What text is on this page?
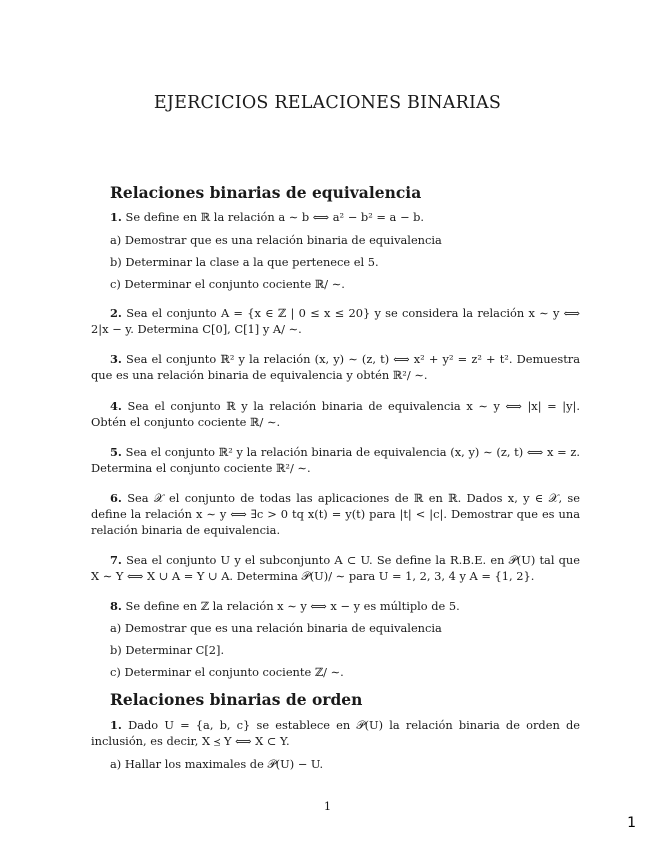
EJERCICIOS RELACIONES BINARIAS
Relaciones binarias de equivalencia
1. Se define en ℝ la relación a ∼ b ⟺ a² − b² = a − b.
a) Demostrar que es una relación binaria de equivalencia
b) Determinar la clase a la que pertenece el 5.
c) Determinar el conjunto cociente ℝ/ ∼.
2. Sea el conjunto A = {x ∈ ℤ | 0 ≤ x ≤ 20} y se considera la relación x ∼ y ⟺ 2|x − y. Determina C[0], C[1] y A/ ∼.
3. Sea el conjunto ℝ² y la relación (x, y) ∼ (z, t) ⟺ x² + y² = z² + t². Demuestra que es una relación binaria de equivalencia y obtén ℝ²/ ∼.
4. Sea el conjunto ℝ y la relación binaria de equivalencia x ∼ y ⟺ |x| = |y|. Obtén el conjunto cociente ℝ/ ∼.
5. Sea el conjunto ℝ² y la relación binaria de equivalencia (x, y) ∼ (z, t) ⟺ x = z. Determina el conjunto cociente ℝ²/ ∼.
6. Sea 𝒳 el conjunto de todas las aplicaciones de ℝ en ℝ. Dados x, y ∈ 𝒳, se define la relación x ∼ y ⟺ ∃c > 0 tq x(t) = y(t) para |t| < |c|. Demostrar que es una relación binaria de equivalencia.
7. Sea el conjunto U y el subconjunto A ⊂ U. Se define la R.B.E. en 𝒫(U) tal que X ∼ Y ⟺ X ∪ A = Y ∪ A. Determina 𝒫(U)/ ∼ para U = 1, 2, 3, 4 y A = {1, 2}.
8. Se define en ℤ la relación x ∼ y ⟺ x − y es múltiplo de 5.
a) Demostrar que es una relación binaria de equivalencia
b) Determinar C[2].
c) Determinar el conjunto cociente ℤ/ ∼.
Relaciones binarias de orden
1. Dado U = {a, b, c} se establece en 𝒫(U) la relación binaria de orden de inclusión, es decir, X ⪯ Y ⟺ X ⊂ Y.
a) Hallar los maximales de 𝒫(U) − U.
1
1
